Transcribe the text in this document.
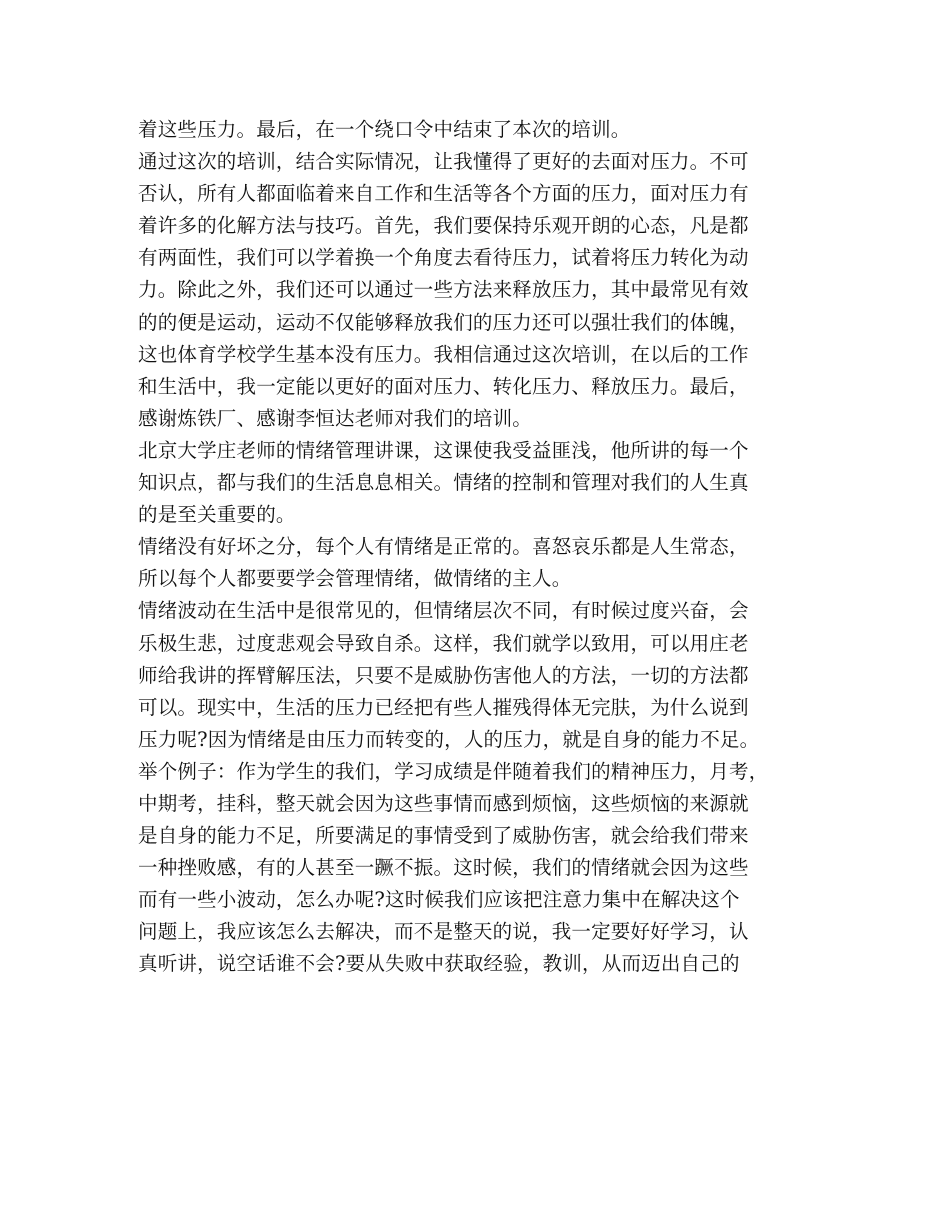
着这些压力。最后，在一个绕口令中结束了本次的培训。
通过这次的培训，结合实际情况，让我懂得了更好的去面对压力。不可
否认，所有人都面临着来自工作和生活等各个方面的压力，面对压力有
着许多的化解方法与技巧。首先，我们要保持乐观开朗的心态，凡是都
有两面性，我们可以学着换一个角度去看待压力，试着将压力转化为动
力。除此之外，我们还可以通过一些方法来释放压力，其中最常见有效
的的便是运动，运动不仅能够释放我们的压力还可以强壮我们的体魄，
这也体育学校学生基本没有压力。我相信通过这次培训，在以后的工作
和生活中，我一定能以更好的面对压力、转化压力、释放压力。最后，
感谢炼铁厂、感谢李恒达老师对我们的培训。
北京大学庄老师的情绪管理讲课，这课使我受益匪浅，他所讲的每一个
知识点，都与我们的生活息息相关。情绪的控制和管理对我们的人生真
的是至关重要的。
情绪没有好坏之分，每个人有情绪是正常的。喜怒哀乐都是人生常态，
所以每个人都要要学会管理情绪，做情绪的主人。
情绪波动在生活中是很常见的，但情绪层次不同，有时候过度兴奋，会
乐极生悲，过度悲观会导致自杀。这样，我们就学以致用，可以用庄老
师给我讲的挥臂解压法，只要不是威胁伤害他人的方法，一切的方法都
可以。现实中，生活的压力已经把有些人摧残得体无完肤，为什么说到
压力呢?因为情绪是由压力而转变的，人的压力，就是自身的能力不足。
举个例子：作为学生的我们，学习成绩是伴随着我们的精神压力，月考，
中期考，挂科，整天就会因为这些事情而感到烦恼，这些烦恼的来源就
是自身的能力不足，所要满足的事情受到了威胁伤害，就会给我们带来
一种挫败感，有的人甚至一蹶不振。这时候，我们的情绪就会因为这些
而有一些小波动，怎么办呢?这时候我们应该把注意力集中在解决这个
问题上，我应该怎么去解决，而不是整天的说，我一定要好好学习，认
真听讲，说空话谁不会?要从失败中获取经验，教训，从而迈出自己的
